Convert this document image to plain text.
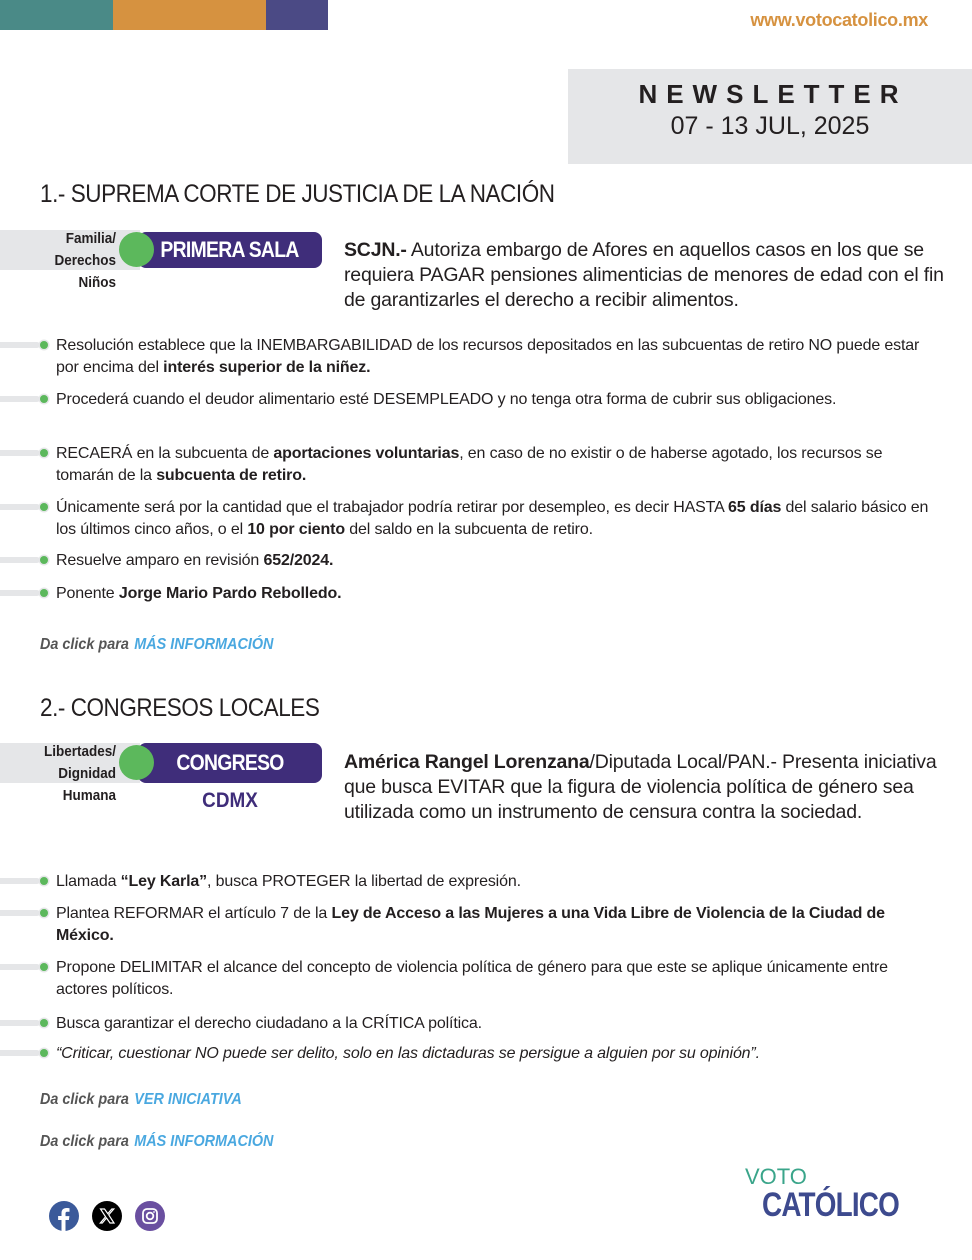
www.votocatolico.mx
NEWSLETTER
07 - 13 JUL, 2025
1.- SUPREMA CORTE DE JUSTICIA DE LA NACIÓN
Familia/
Derechos
Niños
PRIMERA SALA	SCJN.- Autoriza embargo de Afores en aquellos casos en los que se requiera PAGAR pensiones alimenticias de menores de edad con el fin de garantizarles el derecho a recibir alimentos.
Resolución establece que la INEMBARGABILIDAD de los recursos depositados en las subcuentas de retiro NO puede estar por encima del interés superior de la niñez.
Procederá cuando el deudor alimentario esté DESEMPLEADO y no tenga otra forma de cubrir sus obligaciones.
RECAERÁ en la subcuenta de aportaciones voluntarias, en caso de no existir o de haberse agotado, los recursos se tomarán de la subcuenta de retiro.
Únicamente será por la cantidad que el trabajador podría retirar por desempleo, es decir HASTA 65 días del salario básico en los últimos cinco años, o el 10 por ciento del saldo en la subcuenta de retiro.
Resuelve amparo en revisión 652/2024.
Ponente Jorge Mario Pardo Rebolledo.
Da click para MÁS INFORMACIÓN
2.- CONGRESOS LOCALES
Libertades/
Dignidad
Humana
CONGRESO
CDMX
América Rangel Lorenzana/Diputada Local/PAN.- Presenta iniciativa que busca EVITAR que la figura de violencia política de género sea utilizada como un instrumento de censura contra la sociedad.
Llamada “Ley Karla”, busca PROTEGER la libertad de expresión.
Plantea REFORMAR el artículo 7 de la Ley de Acceso a las Mujeres a una Vida Libre de Violencia de la Ciudad de México.
Propone DELIMITAR el alcance del concepto de violencia política de género para que este se aplique únicamente entre actores políticos.
Busca garantizar el derecho ciudadano a la CRÍTICA política.
“Criticar, cuestionar NO puede ser delito, solo en las dictaduras se persigue a alguien por su opinión”.
Da click para VER INICIATIVA
Da click para MÁS INFORMACIÓN
VOTO
CATÓLICO
